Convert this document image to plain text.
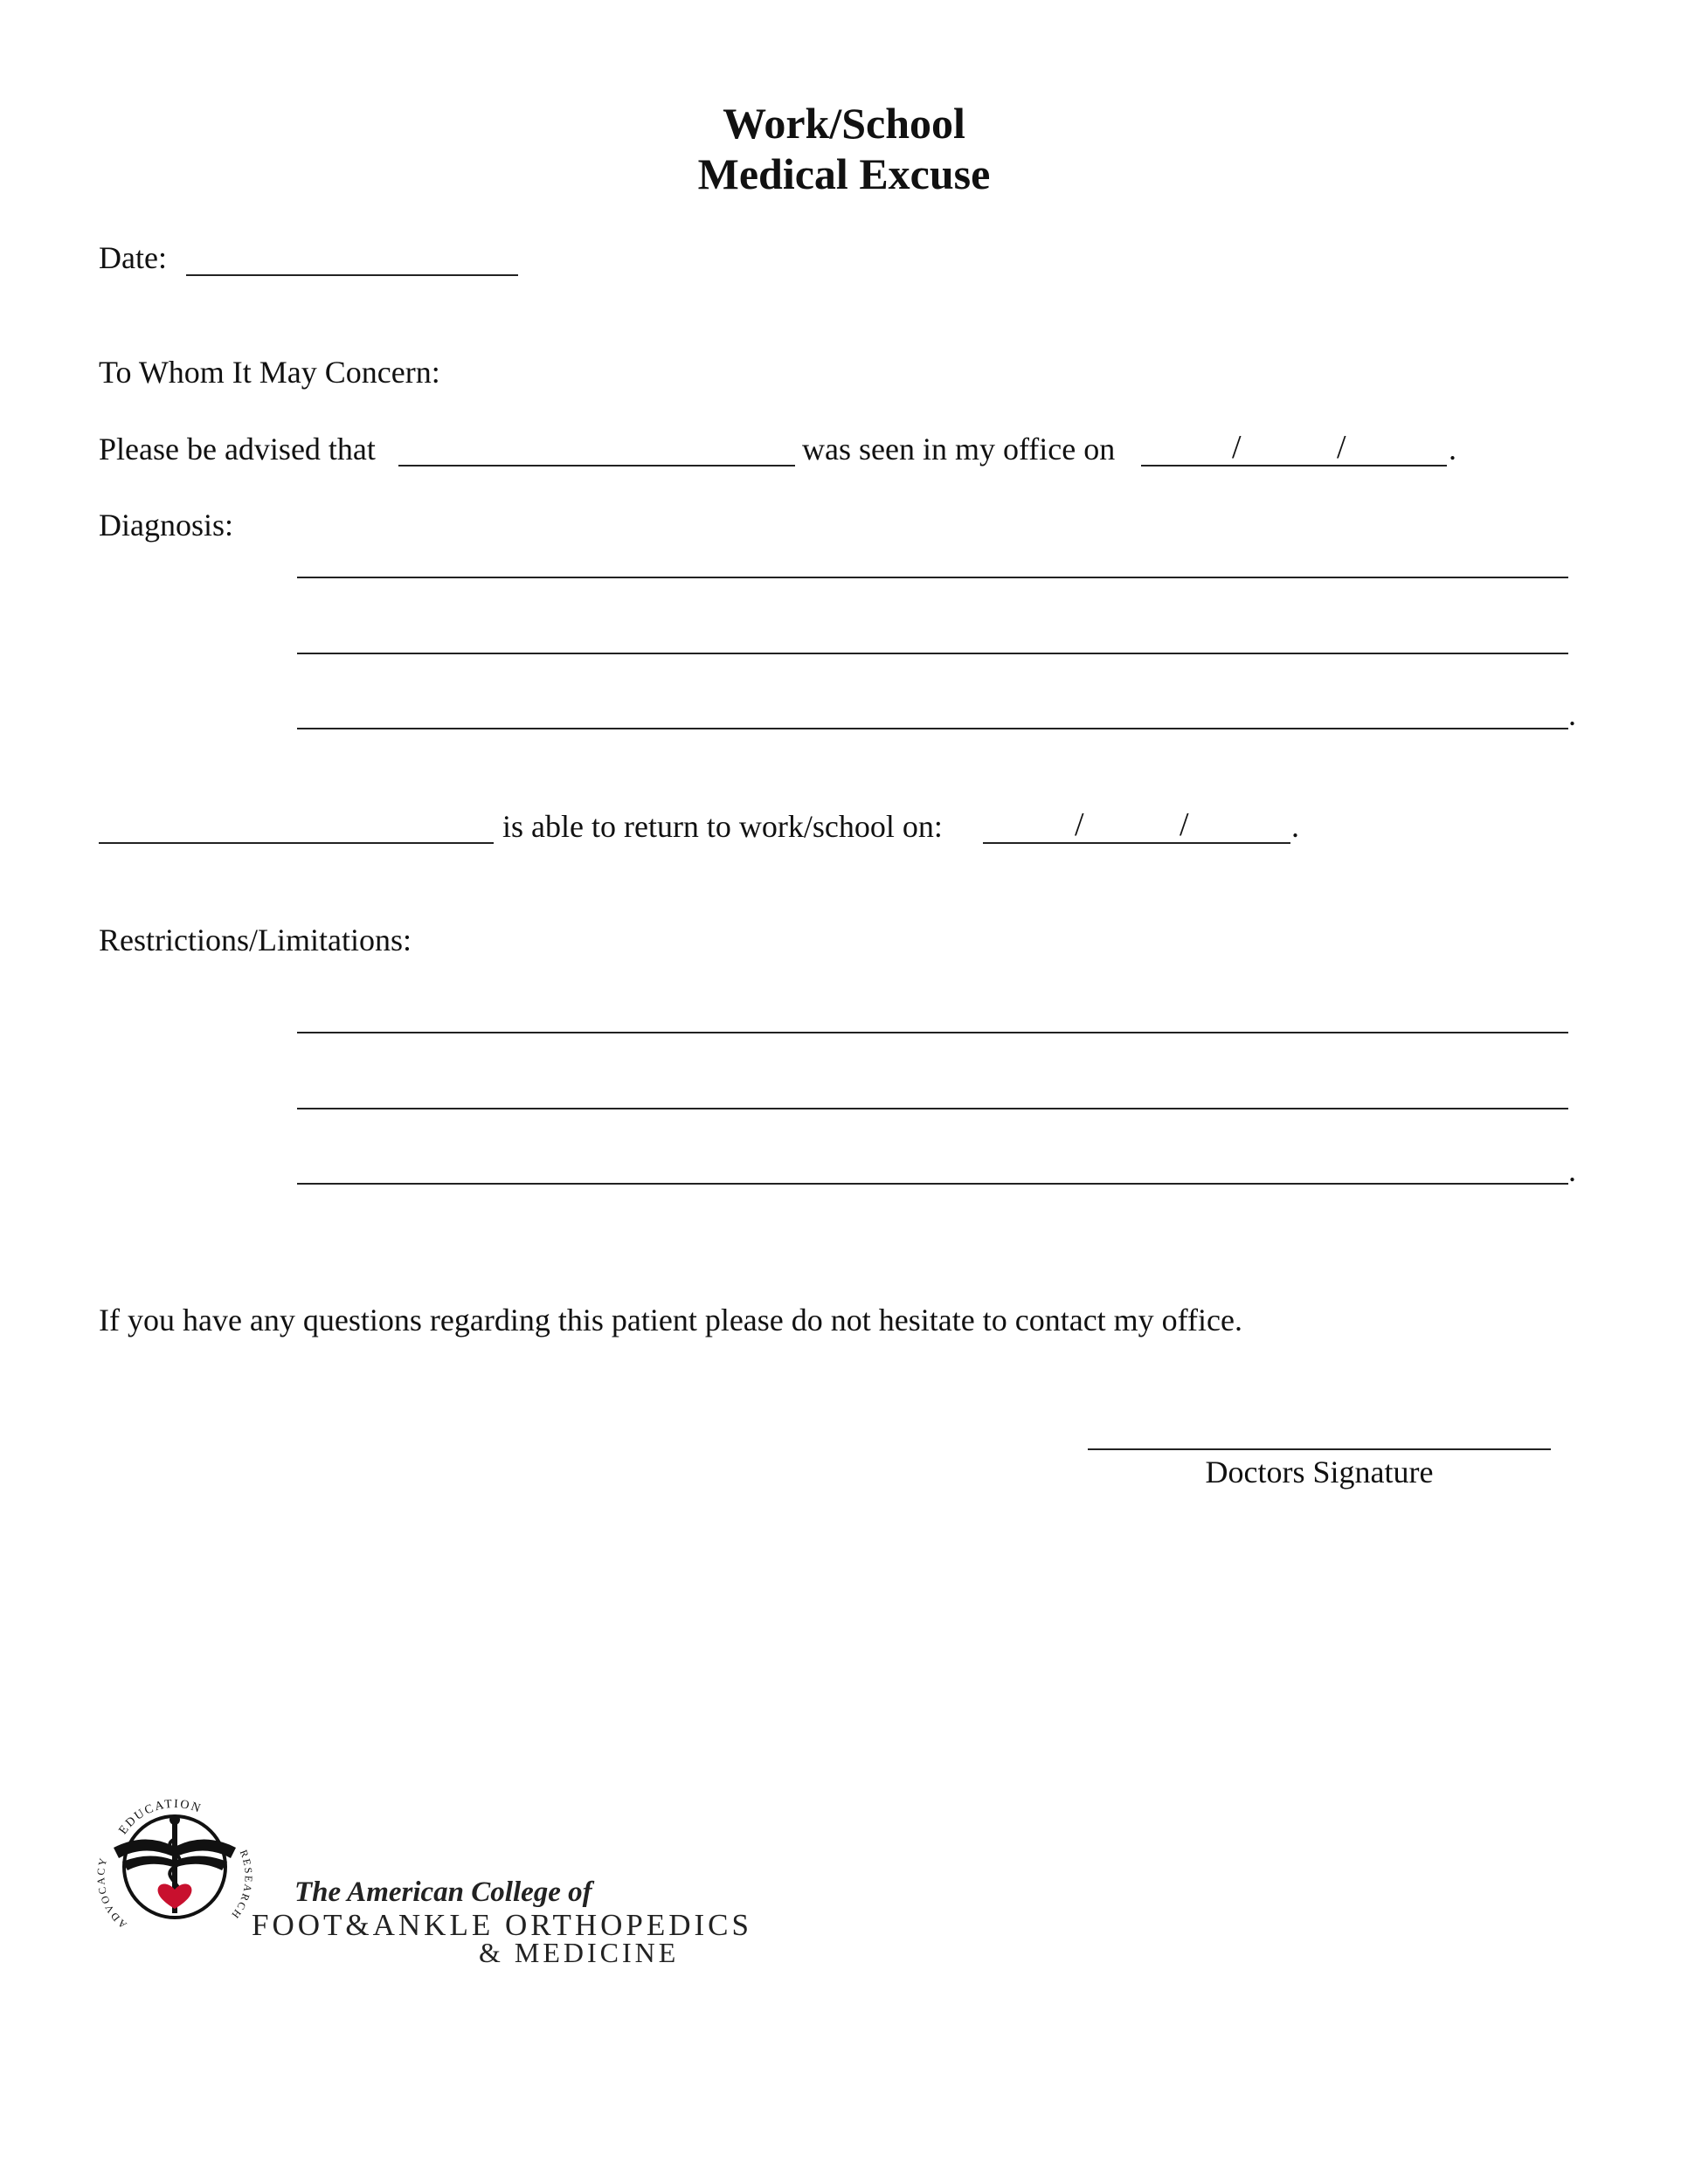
Work/School
Medical Excuse
Date:
To Whom It May Concern:
Please be advised that	was seen in my office on	/	/	.
Diagnosis:
.
is able to return to work/school on:	/	/	.
Restrictions/Limitations:
.
If you have any questions regarding this patient please do not hesitate to contact my office.
Doctors Signature
EDUCATION
ADVOC Y
RE ARCH
The American College of
FOOT&ANKLE ORTHOPEDICS
& MEDICINE
